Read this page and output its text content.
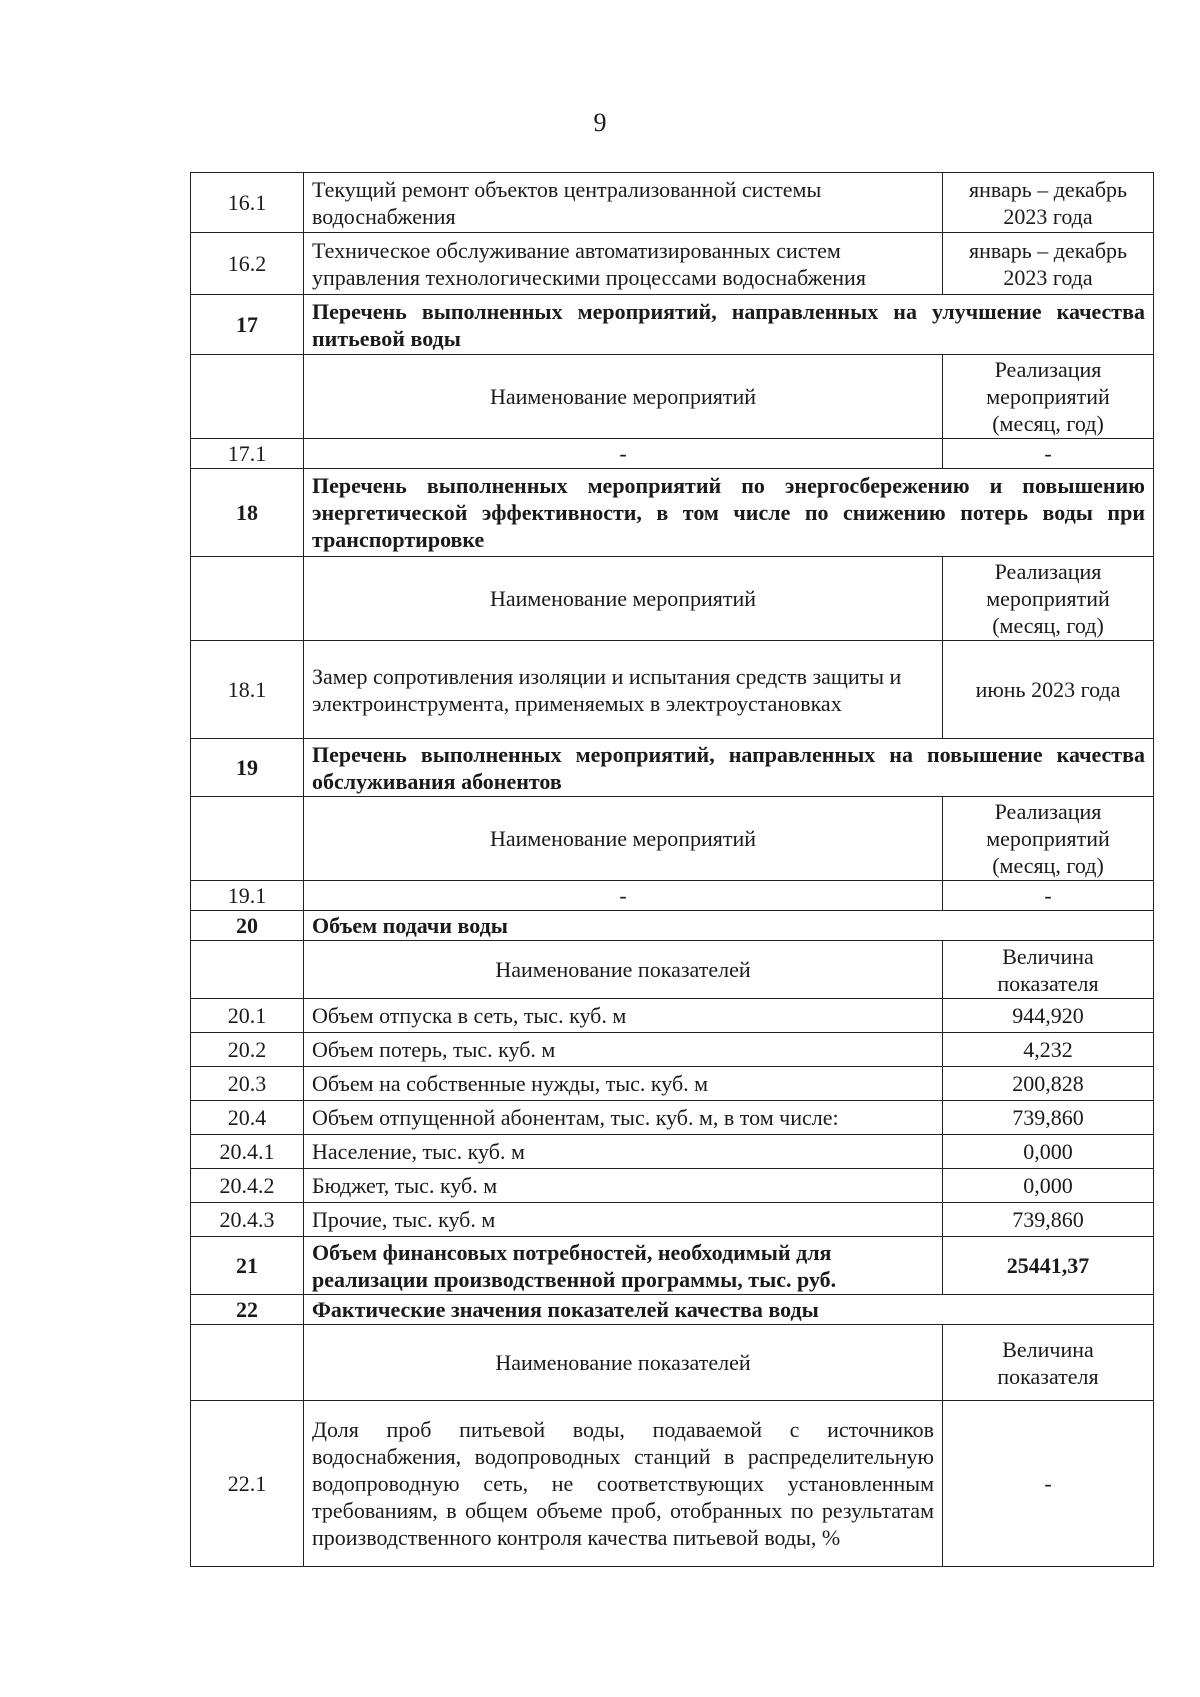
9
16.1	Текущий ремонт объектов централизованной системы водоснабжения	январь – декабрь 2023 года
16.2	Техническое обслуживание автоматизированных систем управления технологическими процессами водоснабжения	январь – декабрь 2023 года
17	Перечень выполненных мероприятий, направленных на улучшение качества питьевой воды	
	Наименование мероприятий	Реализация мероприятий (месяц, год)
17.1	-	-
18	Перечень выполненных мероприятий по энергосбережению и повышению энергетической эффективности, в том числе по снижению потерь воды при транспортировке	
	Наименование мероприятий	Реализация мероприятий (месяц, год)
18.1	Замер сопротивления изоляции и испытания средств защиты и электроинструмента, применяемых в электроустановках	июнь 2023 года
19	Перечень выполненных мероприятий, направленных на повышение качества обслуживания абонентов	
	Наименование мероприятий	Реализация мероприятий (месяц, год)
19.1	-	-
20	Объем подачи воды	
	Наименование показателей	Величина показателя
20.1	Объем отпуска в сеть, тыс. куб. м	944,920
20.2	Объем потерь, тыс. куб. м	4,232
20.3	Объем на собственные нужды, тыс. куб. м	200,828
20.4	Объем отпущенной абонентам, тыс. куб. м, в том числе:	739,860
20.4.1	Население, тыс. куб. м	0,000
20.4.2	Бюджет, тыс. куб. м	0,000
20.4.3	Прочие, тыс. куб. м	739,860
21	Объем финансовых потребностей, необходимый для реализации производственной программы, тыс. руб.	25441,37
22	Фактические значения показателей качества воды	
	Наименование показателей	Величина показателя
22.1	Доля проб питьевой воды, подаваемой с источников водоснабжения, водопроводных станций в распределительную водопроводную сеть, не соответствующих установленным требованиям, в общем объеме проб, отобранных по результатам производственного контроля качества питьевой воды, %	-
